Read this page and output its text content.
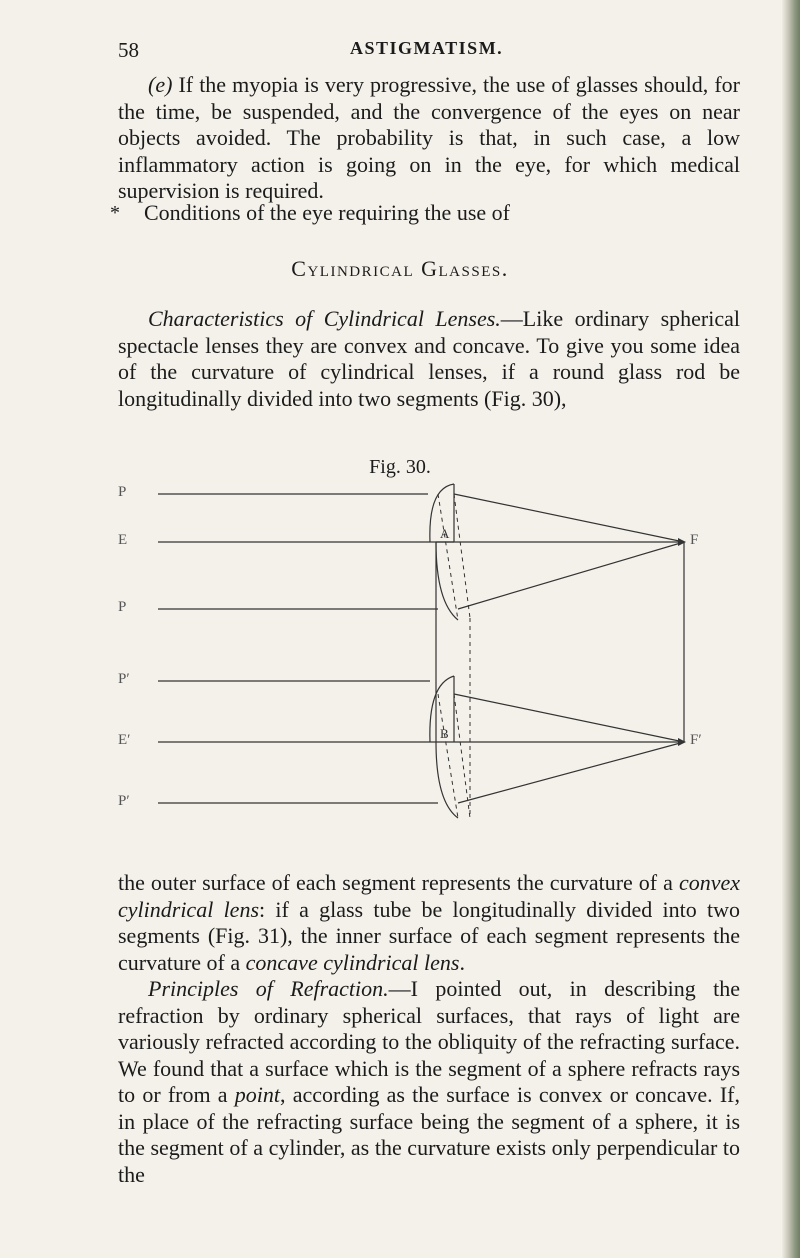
58	ASTIGMATISM.

(e) If the myopia is very progressive, the use of glasses should, for the time, be suspended, and the convergence of the eyes on near objects avoided. The probability is that, in such case, a low inflammatory action is going on in the eye, for which medical supervision is required.

* Conditions of the eye requiring the use of
Cylindrical Glasses.

Characteristics of Cylindrical Lenses.—Like ordinary spherical spectacle lenses they are convex and concave. To give you some idea of the curvature of cylindrical lenses, if a round glass rod be longitudinally divided into two segments (Fig. 30),

Fig. 30.
P
E
P
P′
E′
P′
F
F′
A
B

the outer surface of each segment represents the curvature of a convex cylindrical lens: if a glass tube be longitudinally divided into two segments (Fig. 31), the inner surface of each segment represents the curvature of a concave cylindrical lens.

Principles of Refraction.—I pointed out, in describing the refraction by ordinary spherical surfaces, that rays of light are variously refracted according to the obliquity of the refracting surface. We found that a surface which is the segment of a sphere refracts rays to or from a point, according as the surface is convex or concave. If, in place of the refracting surface being the segment of a sphere, it is the segment of a cylinder, as the curvature exists only perpendicular to the
